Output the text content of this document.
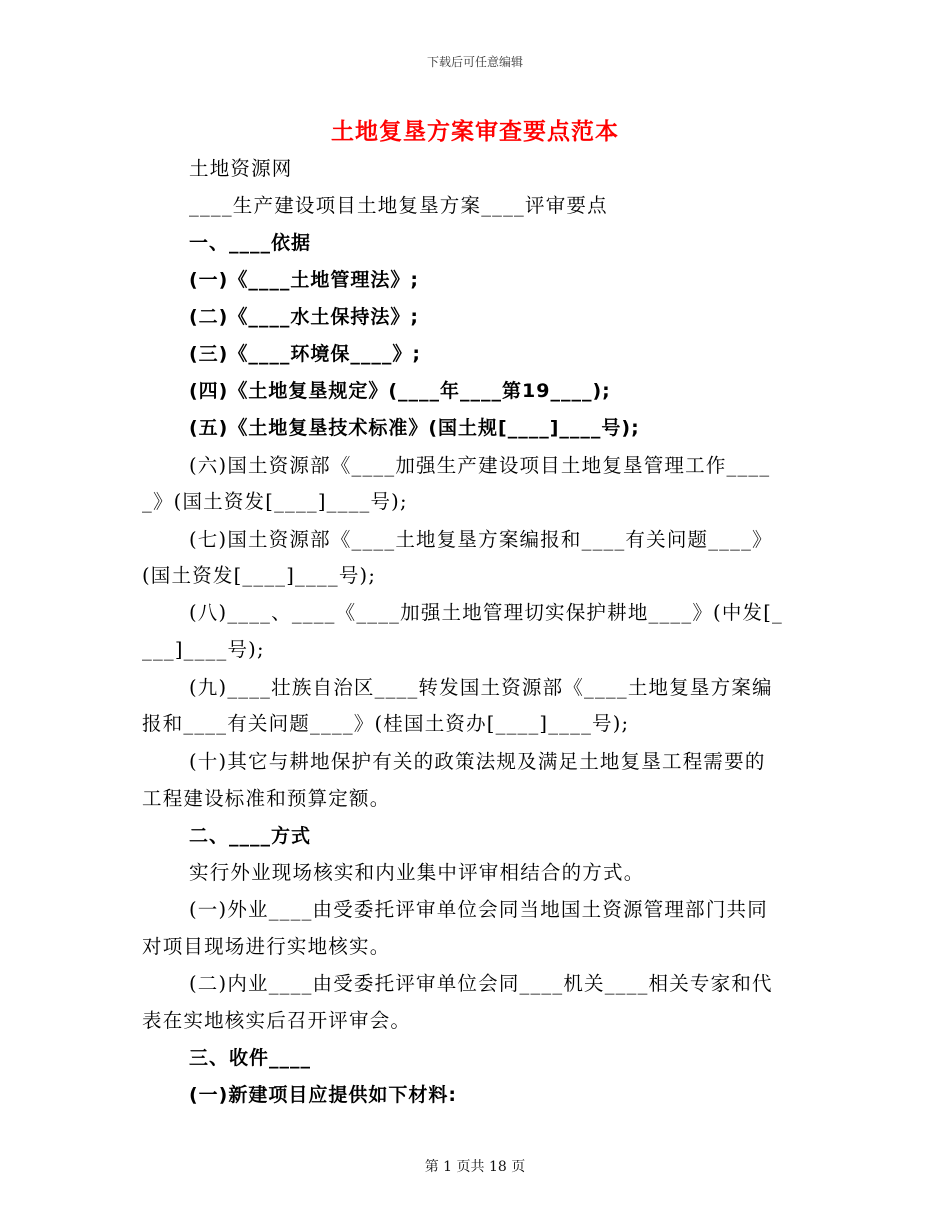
下载后可任意编辑
土地复垦方案审查要点范本
土地资源网
____生产建设项目土地复垦方案____评审要点
一、____依据
(一)《____土地管理法》;
(二)《____水土保持法》;
(三)《____环境保____》;
(四)《土地复垦规定》(____年____第19____);
(五)《土地复垦技术标准》(国土规[____]____号);
(六)国土资源部《____加强生产建设项目土地复垦管理工作____
_》(国土资发[____]____号);
(七)国土资源部《____土地复垦方案编报和____有关问题____》
(国土资发[____]____号);
(八)____、____《____加强土地管理切实保护耕地____》(中发[_
___]____号);
(九)____壮族自治区____转发国土资源部《____土地复垦方案编
报和____有关问题____》(桂国土资办[____]____号);
(十)其它与耕地保护有关的政策法规及满足土地复垦工程需要的
工程建设标准和预算定额。
二、____方式
实行外业现场核实和内业集中评审相结合的方式。
(一)外业____由受委托评审单位会同当地国土资源管理部门共同
对项目现场进行实地核实。
(二)内业____由受委托评审单位会同____机关____相关专家和代
表在实地核实后召开评审会。
三、收件____
(一)新建项目应提供如下材料:
第 1 页共 18 页
